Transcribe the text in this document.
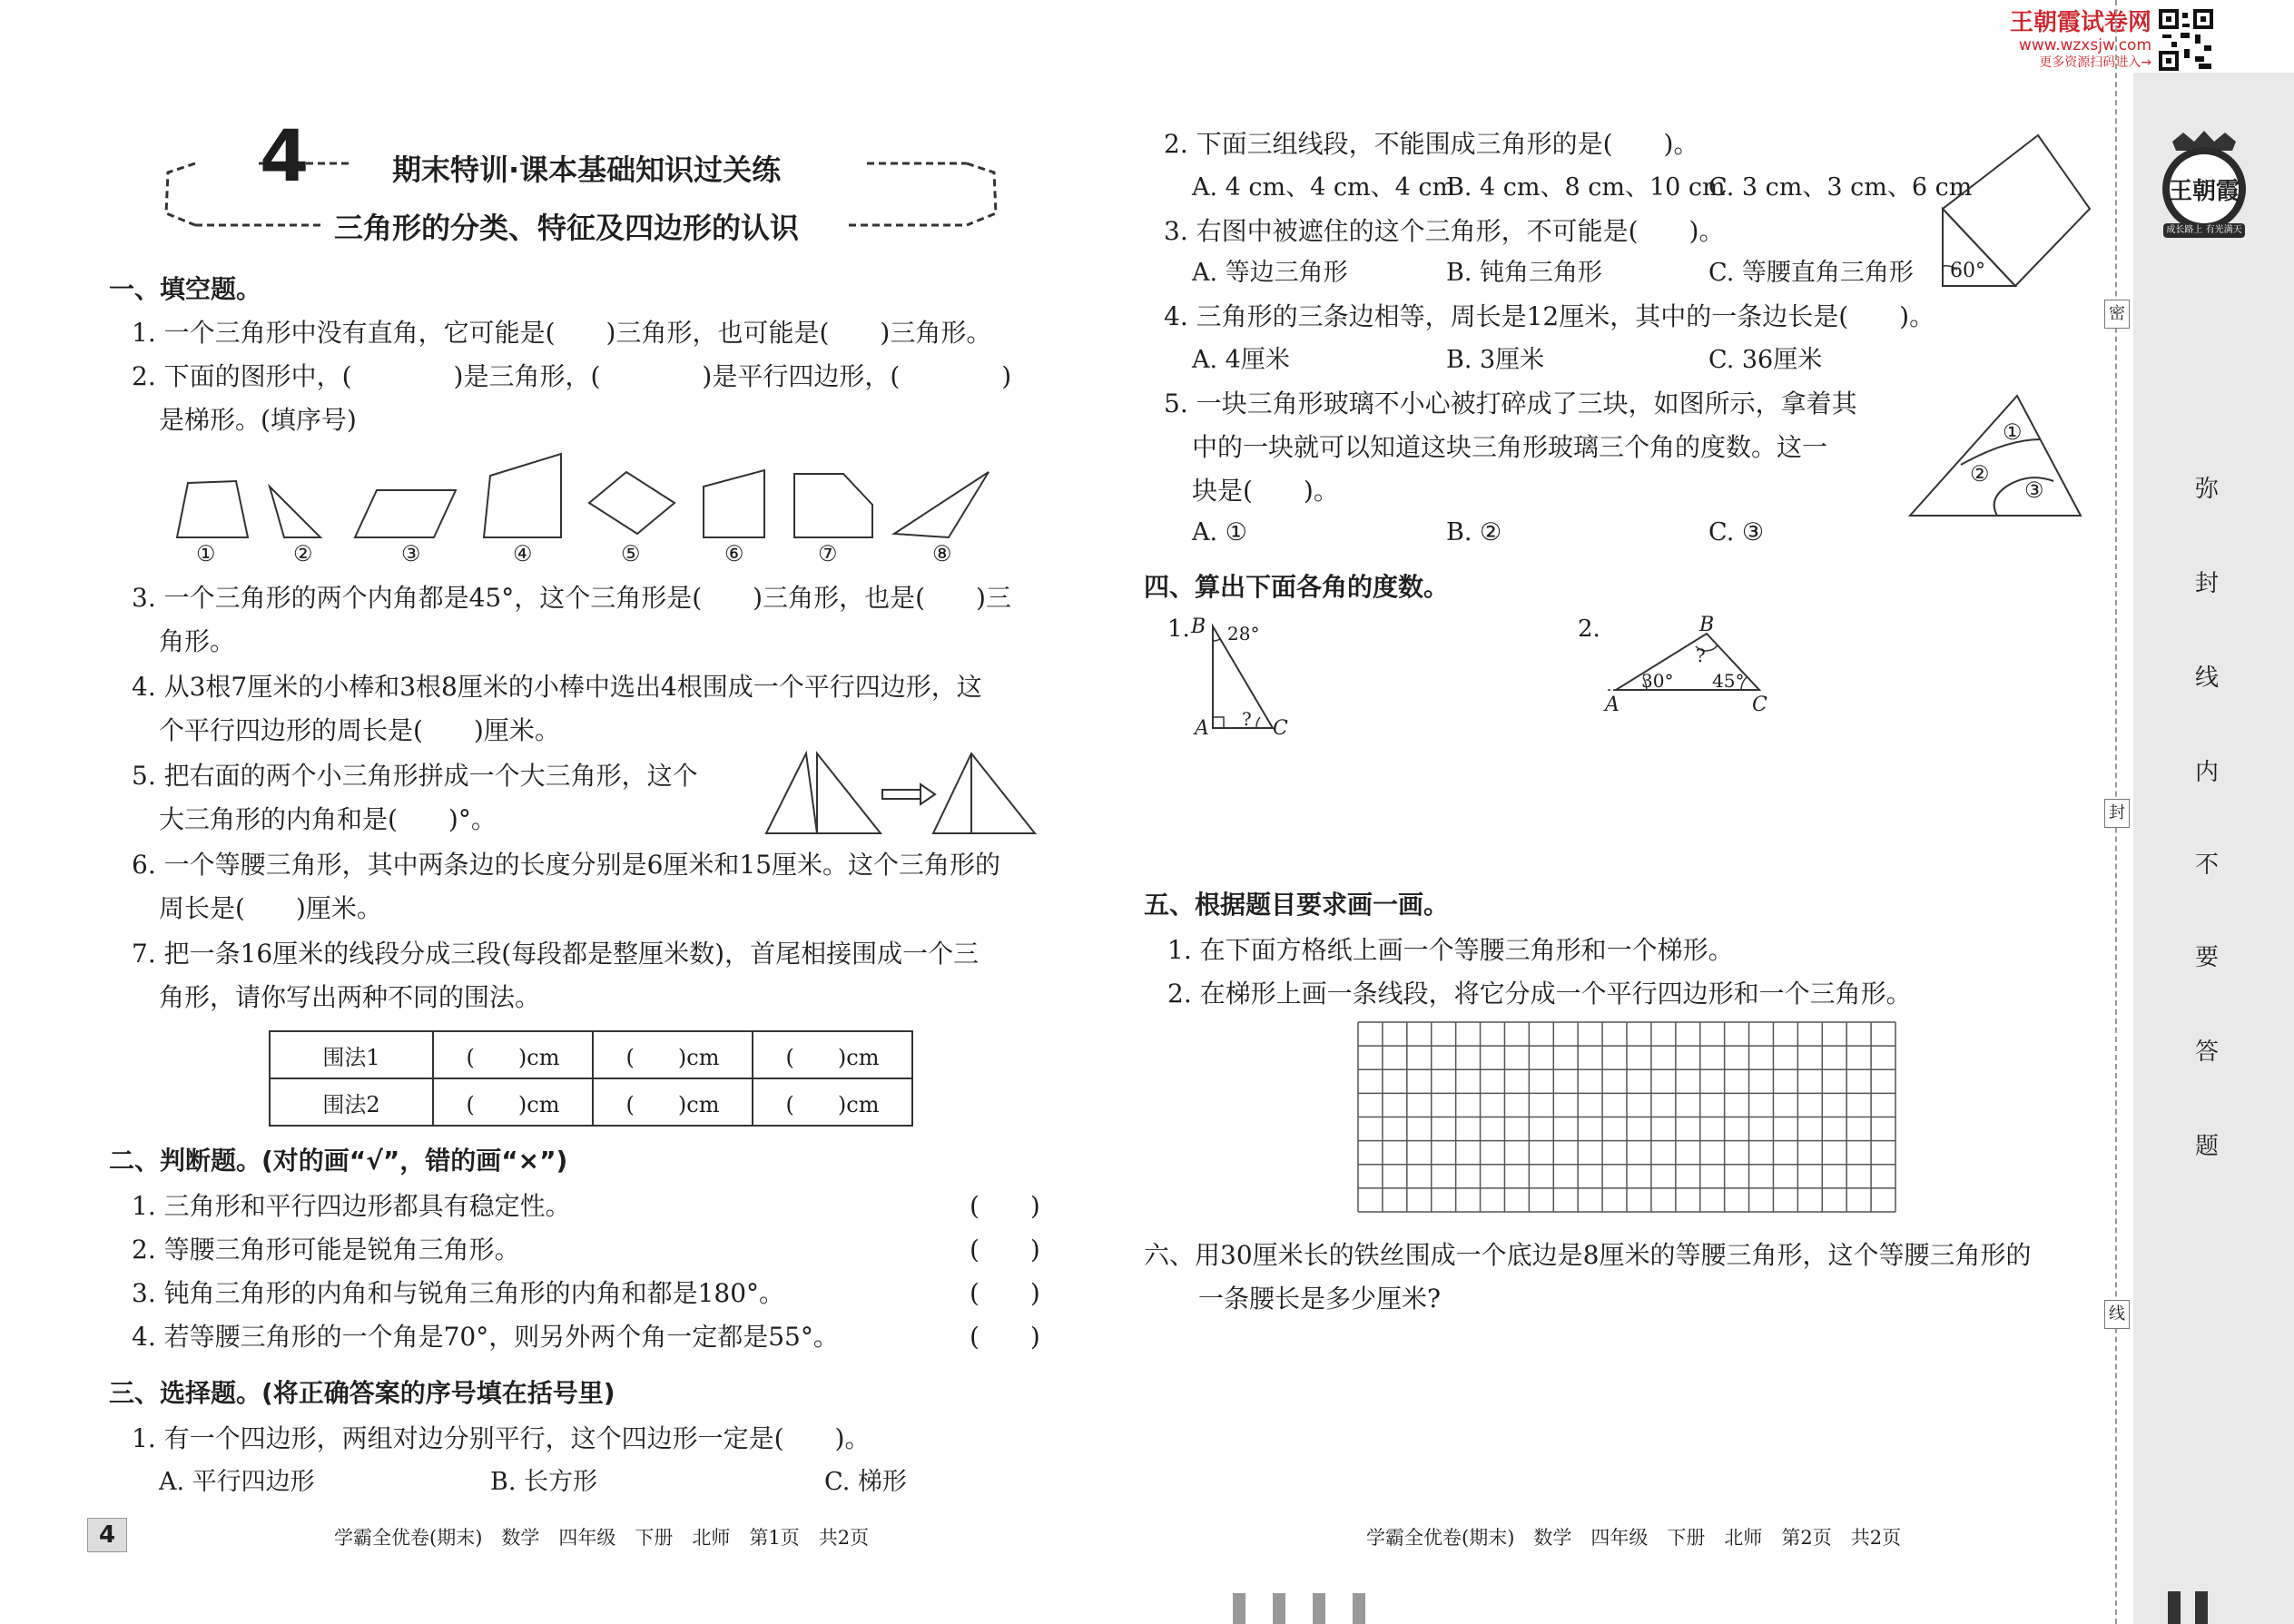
王朝霞试卷网
www.wzxsjw.com
更多资源扫码进入→
王朝霞
成长路上 有光满天
密
封
线
弥
封
线
内
不
要
答
题
4	期末特训·课本基础知识过关练
三角形的分类、特征及四边形的认识
一、填空题。
1. 一个三角形中没有直角，它可能是(　　)三角形，也可能是(　　)三角形。
2. 下面的图形中，(　　　　)是三角形，(　　　　)是平行四边形，(　　　　)
是梯形。(填序号)
①	②	③	④	⑤	⑥	⑦	⑧
3. 一个三角形的两个内角都是45°，这个三角形是(　　)三角形，也是(　　)三
角形。
4. 从3根7厘米的小棒和3根8厘米的小棒中选出4根围成一个平行四边形，这
个平行四边形的周长是(　　)厘米。
5. 把右面的两个小三角形拼成一个大三角形，这个
大三角形的内角和是(　　)°。
6. 一个等腰三角形，其中两条边的长度分别是6厘米和15厘米。这个三角形的
周长是(　　)厘米。
7. 把一条16厘米的线段分成三段(每段都是整厘米数)，首尾相接围成一个三
角形，请你写出两种不同的围法。
围法1	(　　)cm	(　　)cm	(　　)cm
围法2	(　　)cm	(　　)cm	(　　)cm
二、判断题。(对的画“√”，错的画“×”)
1. 三角形和平行四边形都具有稳定性。
2. 等腰三角形可能是锐角三角形。
3. 钝角三角形的内角和与锐角三角形的内角和都是180°。
4. 若等腰三角形的一个角是70°，则另外两个角一定都是55°。
(　　)
(　　)
(　　)
(　　)
三、选择题。(将正确答案的序号填在括号里)
1. 有一个四边形，两组对边分别平行，这个四边形一定是(　　)。
A. 平行四边形	B. 长方形	C. 梯形
2. 下面三组线段，不能围成三角形的是(　　)。
A. 4 cm、4 cm、4 cm
B. 4 cm、8 cm、10 cm
C. 3 cm、3 cm、6 cm
3. 右图中被遮住的这个三角形，不可能是(　　)。
A. 等边三角形	B. 钝角三角形	C. 等腰直角三角形 60°
4. 三角形的三条边相等，周长是12厘米，其中的一条边长是(　　)。
A. 4厘米	B. 3厘米	C. 36厘米
5. 一块三角形玻璃不小心被打碎成了三块，如图所示，拿着其
中的一块就可以知道这块三角形玻璃三个角的度数。这一
块是(　　)。
A. ①	B. ②	C. ③
①
②
③
四、算出下面各角的度数。
1. B 28°
A ? C
2.	B
?
30° 45°
A	C
五、根据题目要求画一画。
1. 在下面方格纸上画一个等腰三角形和一个梯形。
2. 在梯形上画一条线段，将它分成一个平行四边形和一个三角形。
六、用30厘米长的铁丝围成一个底边是8厘米的等腰三角形，这个等腰三角形的
一条腰长是多少厘米?
4	学霸全优卷(期末)　数学　四年级　下册　北师　第1页　共2页	学霸全优卷(期末)　数学　四年级　下册　北师　第2页　共2页
